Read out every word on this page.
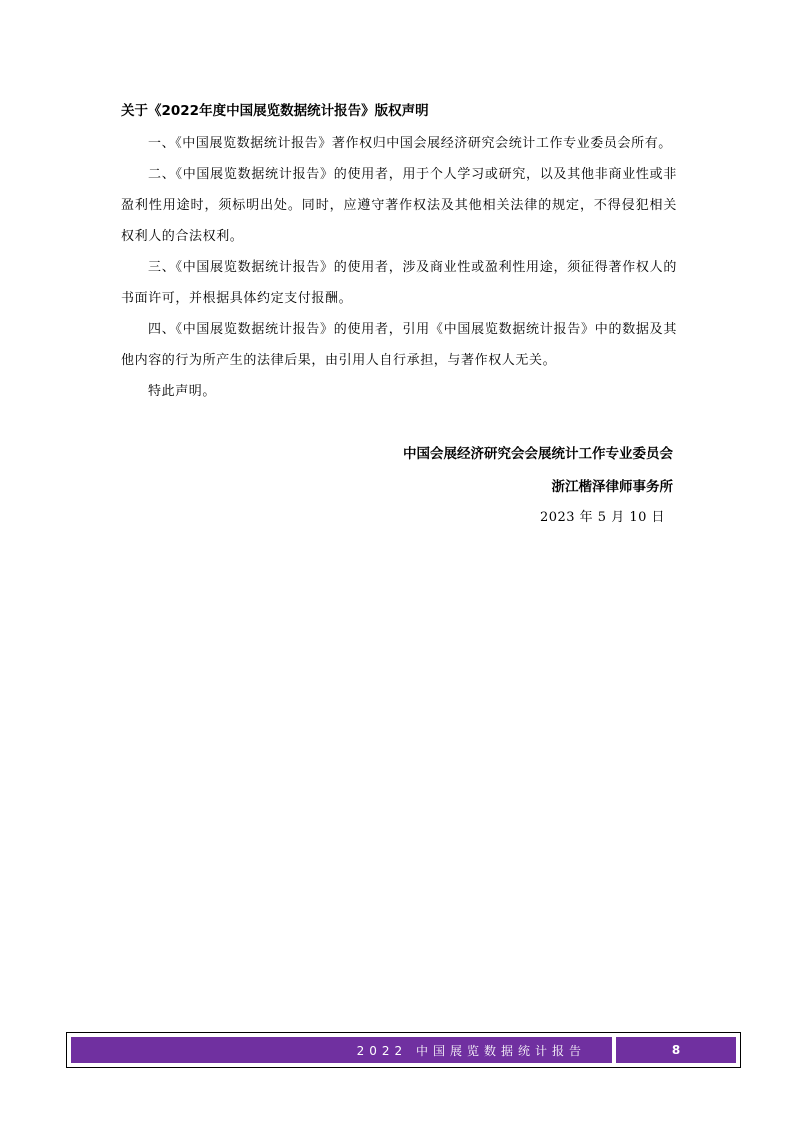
关于《2022年度中国展览数据统计报告》版权声明

一、《中国展览数据统计报告》著作权归中国会展经济研究会统计工作专业委员会所有。

二、《中国展览数据统计报告》的使用者，用于个人学习或研究，以及其他非商业性或非盈利性用途时，须标明出处。同时，应遵守著作权法及其他相关法律的规定，不得侵犯相关权利人的合法权利。

三、《中国展览数据统计报告》的使用者，涉及商业性或盈利性用途，须征得著作权人的书面许可，并根据具体约定支付报酬。

四、《中国展览数据统计报告》的使用者，引用《中国展览数据统计报告》中的数据及其他内容的行为所产生的法律后果，由引用人自行承担，与著作权人无关。

特此声明。

中国会展经济研究会会展统计工作专业委员会
浙江楷泽律师事务所
2023 年 5 月 10 日
2022 中国展览数据统计报告	8
